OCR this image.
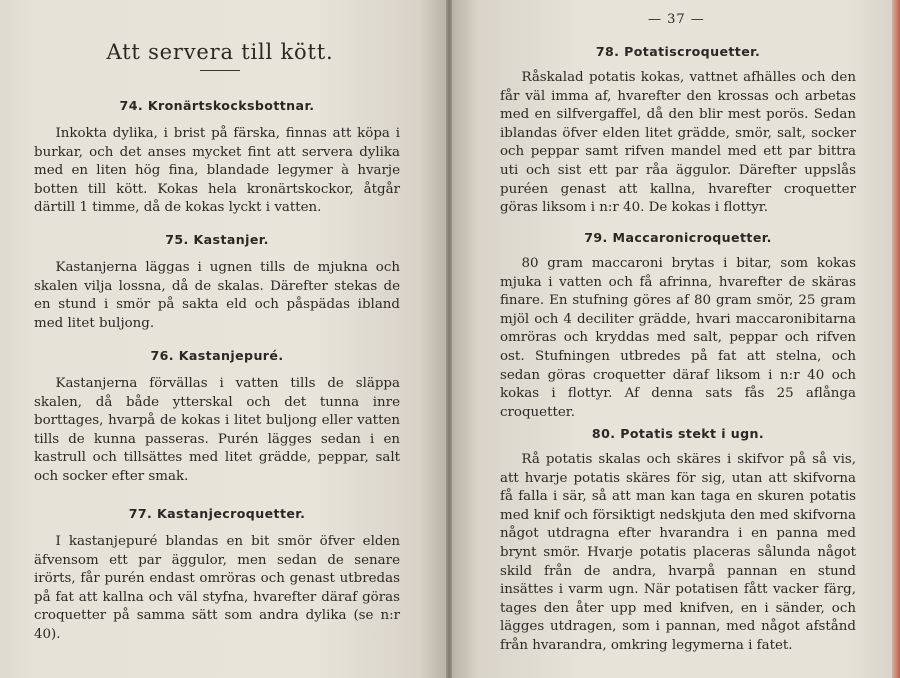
Att servera till kött.
74. Kronärtskocksbottnar.

Inkokta dylika, i brist på färska, finnas att köpa i burkar, och det anses mycket fint att servera dylika med en liten hög fina, blandade legymer à hvarje botten till kött. Kokas hela kronärtskockor, åtgår därtill 1 timme, då de kokas lyckt i vatten.

75. Kastanjer.

Kastanjerna läggas i ugnen tills de mjukna och skalen vilja lossna, då de skalas. Därefter stekas de en stund i smör på sakta eld och påspädas ibland med litet buljong.

76. Kastanjepuré.

Kastanjerna förvällas i vatten tills de släppa skalen, då både ytterskal och det tunna inre borttages, hvarpå de kokas i litet buljong eller vatten tills de kunna passeras. Purén lägges sedan i en kastrull och tillsättes med litet grädde, peppar, salt och socker efter smak.

77. Kastanjecroquetter.

I kastanjepuré blandas en bit smör öfver elden äfvensom ett par äggulor, men sedan de senare irörts, får purén endast omröras och genast utbredas på fat att kallna och väl styfna, hvarefter däraf göras croquetter på samma sätt som andra dylika (se n:r 40).

— 37 —
78. Potatiscroquetter.

Råskalad potatis kokas, vattnet afhälles och den får väl imma af, hvarefter den krossas och arbetas med en silfvergaffel, då den blir mest porös. Sedan iblandas öfver elden litet grädde, smör, salt, socker och peppar samt rifven mandel med ett par bittra uti och sist ett par råa äggulor. Därefter uppslås puréen genast att kallna, hvarefter croquetter göras liksom i n:r 40. De kokas i flottyr.

79. Maccaronicroquetter.

80 gram maccaroni brytas i bitar, som kokas mjuka i vatten och få afrinna, hvarefter de skäras finare. En stufning göres af 80 gram smör, 25 gram mjöl och 4 deciliter grädde, hvari maccaronibitarna omröras och kryddas med salt, peppar och rifven ost. Stufningen utbredes på fat att stelna, och sedan göras croquetter däraf liksom i n:r 40 och kokas i flottyr. Af denna sats fås 25 aflånga croquetter.

80. Potatis stekt i ugn.

Rå potatis skalas och skäres i skifvor på så vis, att hvarje potatis skäres för sig, utan att skifvorna få falla i sär, så att man kan taga en skuren potatis med knif och försiktigt nedskjuta den med skifvorna något utdragna efter hvarandra i en panna med brynt smör. Hvarje potatis placeras sålunda något skild från de andra, hvarpå pannan en stund insättes i varm ugn. När potatisen fått vacker färg, tages den åter upp med knifven, en i sänder, och lägges utdragen, som i pannan, med något afstånd från hvarandra, omkring legymerna i fatet.
